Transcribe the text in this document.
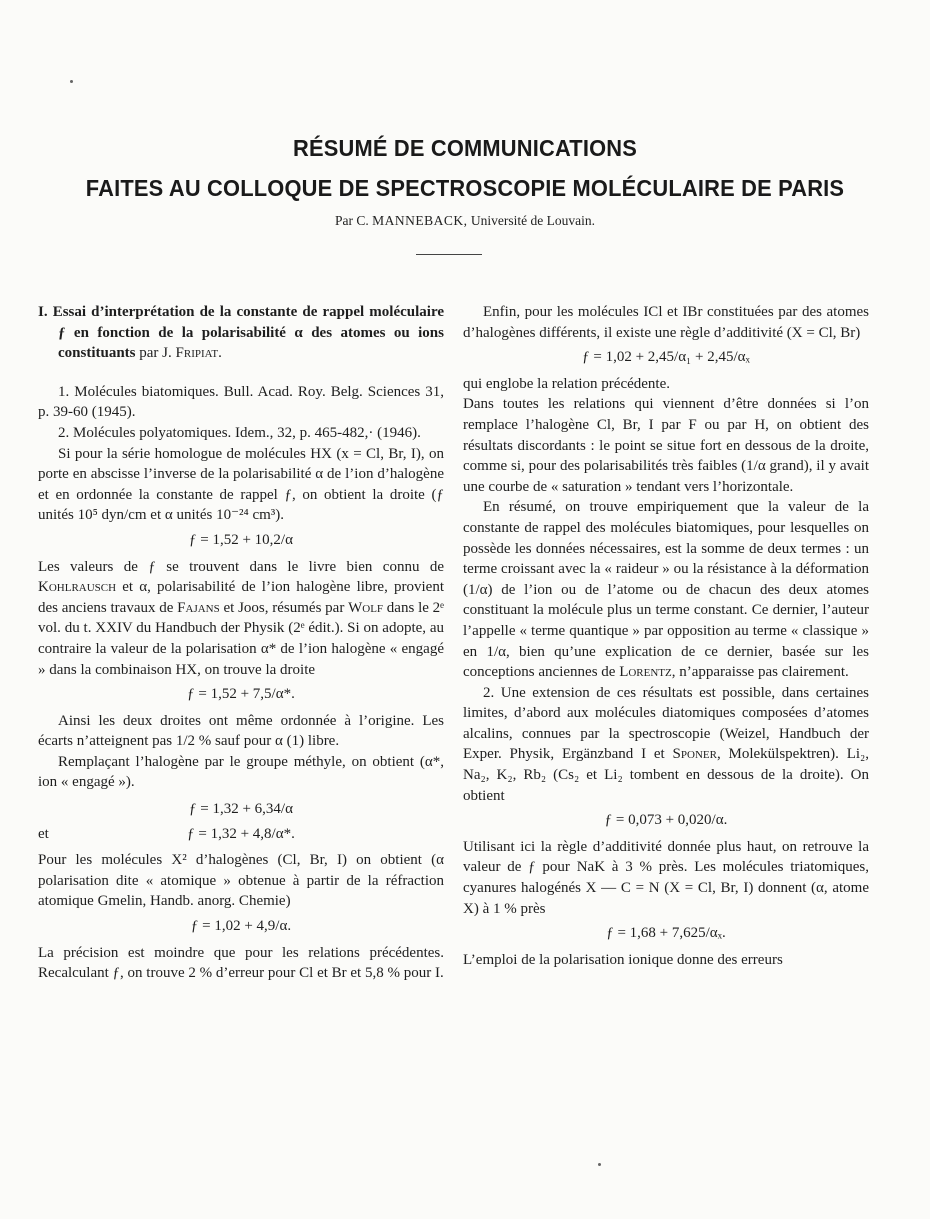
RÉSUMÉ DE COMMUNICATIONS
FAITES AU COLLOQUE DE SPECTROSCOPIE MOLÉCULAIRE DE PARIS
Par C. MANNEBACK, Université de Louvain.

I. Essai d’interprétation de la constante de rappel moléculaire ƒ en fonction de la polarisabilité α des atomes ou ions constituants par J. Fripiat.

1. Molécules biatomiques. Bull. Acad. Roy. Belg. Sciences 31, p. 39-60 (1945).

2. Molécules polyatomiques. Idem., 32, p. 465-482,· (1946).

Si pour la série homologue de molécules HX (x = Cl, Br, I), on porte en abscisse l’inverse de la polarisabilité α de l’ion d’halogène et en ordonnée la constante de rappel ƒ, on obtient la droite (ƒ unités 10⁵ dyn/cm et α unités 10⁻²⁴ cm³).

ƒ = 1,52 + 10,2/α

Les valeurs de ƒ se trouvent dans le livre bien connu de Kohlrausch et α, polarisabilité de l’ion halogène libre, provient des anciens travaux de Fajans et Joos, résumés par Wolf dans le 2ᵉ vol. du t. XXIV du Handbuch der Physik (2ᵉ édit.). Si on adopte, au contraire la valeur de la polarisation α* de l’ion halogène « engagé » dans la combinaison HX, on trouve la droite

ƒ = 1,52 + 7,5/α*.

Ainsi les deux droites ont même ordonnée à l’origine. Les écarts n’atteignent pas 1/2 % sauf pour α (1) libre.

Remplaçant l’halogène par le groupe méthyle, on obtient (α*, ion « engagé »).

ƒ = 1,32 + 6,34/α

et	ƒ = 1,32 + 4,8/α*.

Pour les molécules X² d’halogènes (Cl, Br, I) on obtient (α polarisation dite « atomique » obtenue à partir de la réfraction atomique Gmelin, Handb. anorg. Chemie)

ƒ = 1,02 + 4,9/α.

La précision est moindre que pour les relations précédentes. Recalculant ƒ, on trouve 2 % d’erreur pour Cl et Br et 5,8 % pour I.

Enfin, pour les molécules ICl et IBr constituées par des atomes d’halogènes différents, il existe une règle d’additivité (X = Cl, Br)

ƒ = 1,02 + 2,45/α₁ + 2,45/αₓ

qui englobe la relation précédente.

Dans toutes les relations qui viennent d’être données si l’on remplace l’halogène Cl, Br, I par F ou par H, on obtient des résultats discordants : le point se situe fort en dessous de la droite, comme si, pour des polarisabilités très faibles (1/α grand), il y avait une courbe de « saturation » tendant vers l’horizontale.

En résumé, on trouve empiriquement que la valeur de la constante de rappel des molécules biatomiques, pour lesquelles on possède les données nécessaires, est la somme de deux termes : un terme croissant avec la « raideur » ou la résistance à la déformation (1/α) de l’ion ou de l’atome ou de chacun des deux atomes constituant la molécule plus un terme constant. Ce dernier, l’auteur l’appelle « terme quantique » par opposition au terme « classique » en 1/α, bien qu’une explication de ce dernier, basée sur les conceptions anciennes de Lorentz, n’apparaisse pas clairement.

2. Une extension de ces résultats est possible, dans certaines limites, d’abord aux molécules diatomiques composées d’atomes alcalins, connues par la spectroscopie (Weizel, Handbuch der Exper. Physik, Ergänzband I et Sponer, Molekülspektren). Li₂, Na₂, K₂, Rb₂ (Cs₂ et Li₂ tombent en dessous de la droite). On obtient

ƒ = 0,073 + 0,020/α.

Utilisant ici la règle d’additivité donnée plus haut, on retrouve la valeur de ƒ pour NaK à 3 % près. Les molécules triatomiques, cyanures halogénés X — C = N (X = Cl, Br, I) donnent (α, atome X) à 1 % près

ƒ = 1,68 + 7,625/αₓ.

L’emploi de la polarisation ionique donne des erreurs
